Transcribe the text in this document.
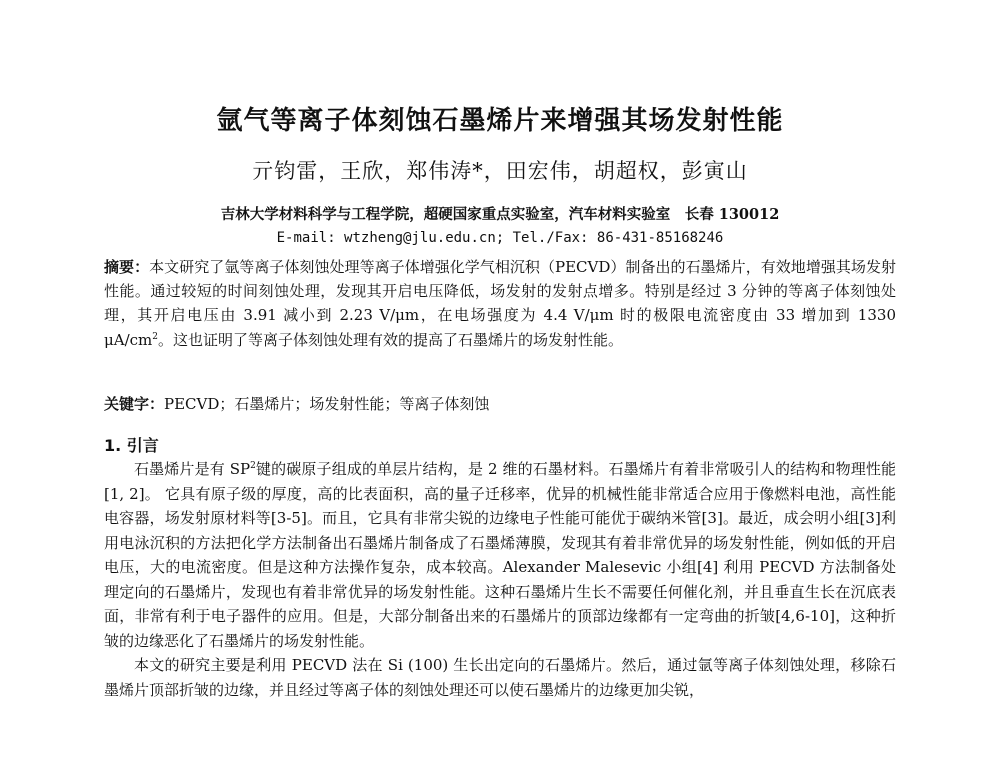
氩气等离子体刻蚀石墨烯片来增强其场发射性能
亓钧雷，王欣，郑伟涛*，田宏伟，胡超权，彭寅山
吉林大学材料科学与工程学院，超硬国家重点实验室，汽车材料实验室　长春 130012
E-mail: wtzheng@jlu.edu.cn; Tel./Fax: 86-431-85168246
摘要：本文研究了氩等离子体刻蚀处理等离子体增强化学气相沉积（PECVD）制备出的石墨烯片，有效地增强其场发射性能。通过较短的时间刻蚀处理，发现其开启电压降低，场发射的发射点增多。特别是经过 3 分钟的等离子体刻蚀处理，其开启电压由 3.91 减小到 2.23 V/μm，在电场强度为 4.4 V/μm 时的极限电流密度由 33 增加到 1330 $\mu A/cm^2$。这也证明了等离子体刻蚀处理有效的提高了石墨烯片的场发射性能。
关键字：PECVD；石墨烯片；场发射性能；等离子体刻蚀
1. 引言

石墨烯片是有 $SP^2$键的碳原子组成的单层片结构，是 2 维的石墨材料。石墨烯片有着非常吸引人的结构和物理性能[1, 2]。 它具有原子级的厚度，高的比表面积，高的量子迁移率，优异的机械性能非常适合应用于像燃料电池，高性能电容器，场发射原材料等[3-5]。而且，它具有非常尖锐的边缘电子性能可能优于碳纳米管[3]。最近，成会明小组[3]利用电泳沉积的方法把化学方法制备出石墨烯片制备成了石墨烯薄膜，发现其有着非常优异的场发射性能，例如低的开启电压，大的电流密度。但是这种方法操作复杂，成本较高。Alexander Malesevic 小组[4] 利用 PECVD 方法制备处理定向的石墨烯片，发现也有着非常优异的场发射性能。这种石墨烯片生长不需要任何催化剂，并且垂直生长在沉底表面，非常有利于电子器件的应用。但是，大部分制备出来的石墨烯片的顶部边缘都有一定弯曲的折皱[4,6-10]，这种折皱的边缘恶化了石墨烯片的场发射性能。

本文的研究主要是利用 PECVD 法在 Si (100) 生长出定向的石墨烯片。然后，通过氩等离子体刻蚀处理，移除石墨烯片顶部折皱的边缘，并且经过等离子体的刻蚀处理还可以使石墨烯片的边缘更加尖锐，
